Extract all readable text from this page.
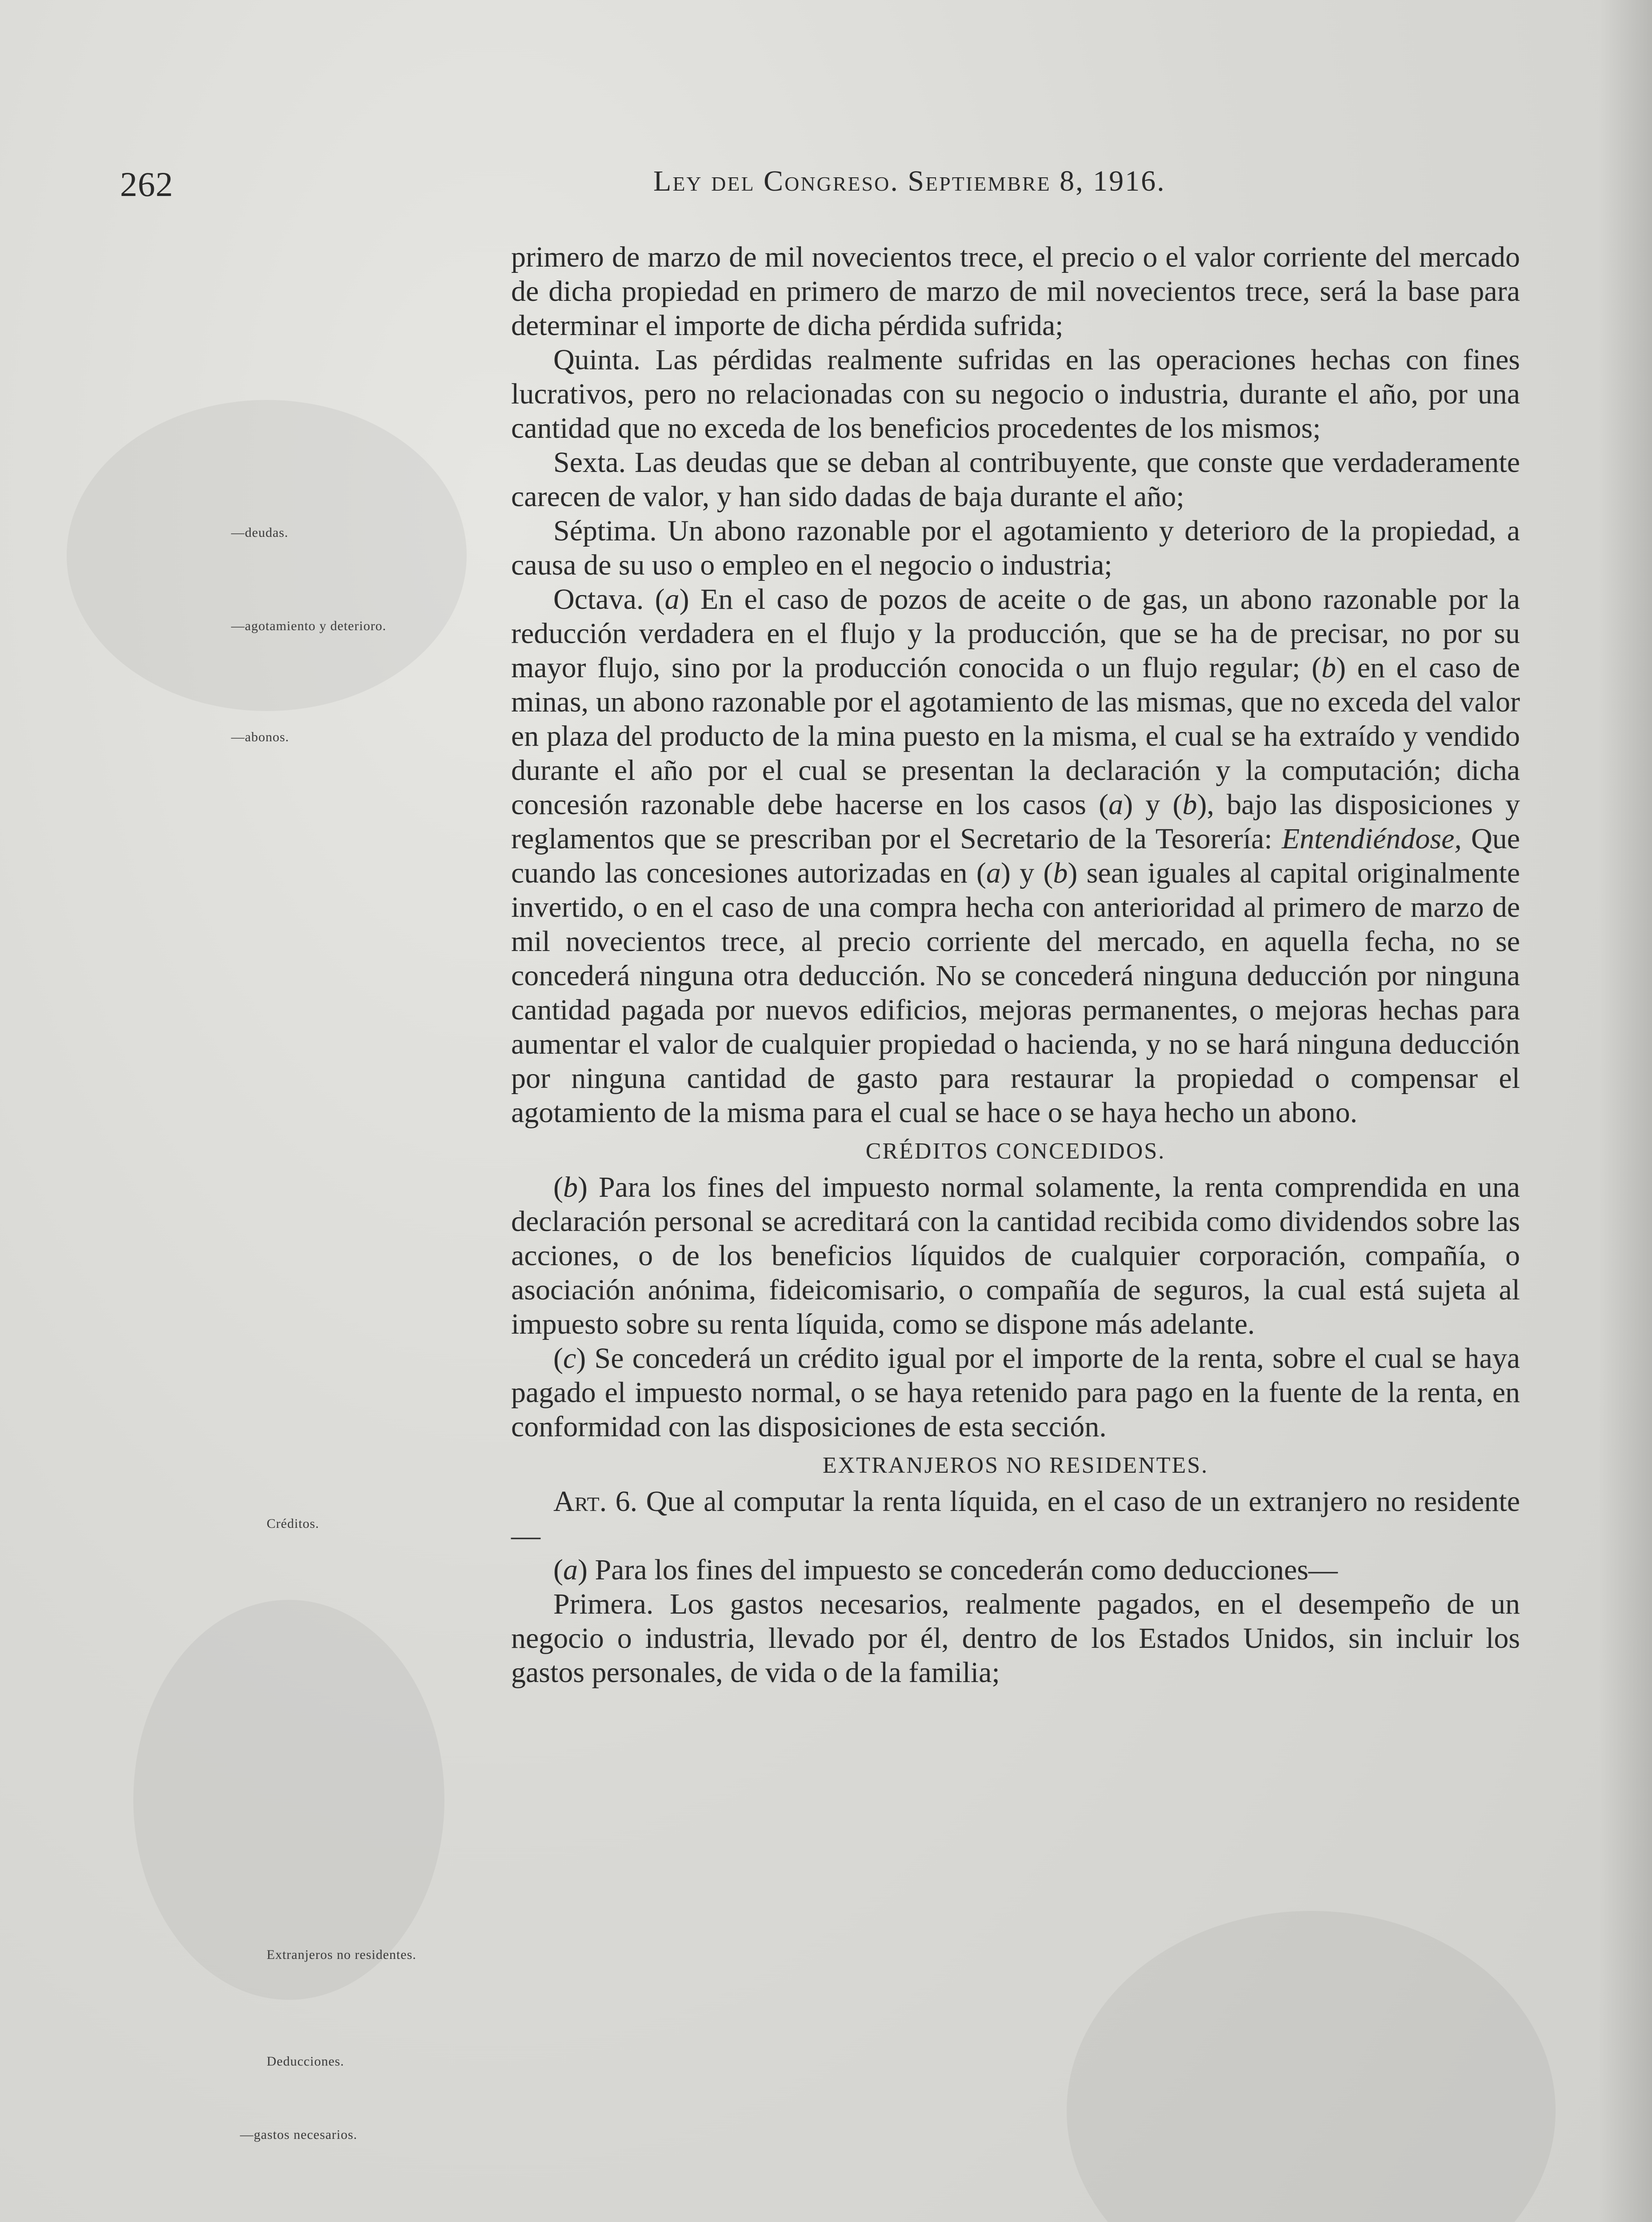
262	Ley del Congreso. Septiembre 8, 1916.
—deudas.
—agotamiento y deterioro.
—abonos.
Créditos.
Extranjeros no residentes.
Deducciones.
—gastos necesarios.

primero de marzo de mil novecientos trece, el precio o el valor corriente del mercado de dicha propiedad en primero de marzo de mil novecientos trece, será la base para determinar el importe de dicha pérdida sufrida;

Quinta. Las pérdidas realmente sufridas en las operaciones hechas con fines lucrativos, pero no relacionadas con su negocio o industria, durante el año, por una cantidad que no exceda de los beneficios procedentes de los mismos;

Sexta. Las deudas que se deban al contribuyente, que conste que verdaderamente carecen de valor, y han sido dadas de baja durante el año;

Séptima. Un abono razonable por el agotamiento y deterioro de la propiedad, a causa de su uso o empleo en el negocio o industria;

Octava. (a) En el caso de pozos de aceite o de gas, un abono razonable por la reducción verdadera en el flujo y la producción, que se ha de precisar, no por su mayor flujo, sino por la producción conocida o un flujo regular; (b) en el caso de minas, un abono razonable por el agotamiento de las mismas, que no exceda del valor en plaza del producto de la mina puesto en la misma, el cual se ha extraído y vendido durante el año por el cual se presentan la declaración y la computación; dicha concesión razonable debe hacerse en los casos (a) y (b), bajo las disposiciones y reglamentos que se prescriban por el Secretario de la Tesorería: Entendiéndose, Que cuando las concesiones autorizadas en (a) y (b) sean iguales al capital originalmente invertido, o en el caso de una compra hecha con anterioridad al primero de marzo de mil novecientos trece, al precio corriente del mercado, en aquella fecha, no se concederá ninguna otra deducción. No se concederá ninguna deducción por ninguna cantidad pagada por nuevos edificios, mejoras permanentes, o mejoras hechas para aumentar el valor de cualquier propiedad o hacienda, y no se hará ninguna deducción por ninguna cantidad de gasto para restaurar la propiedad o compensar el agotamiento de la misma para el cual se hace o se haya hecho un abono.

CRÉDITOS CONCEDIDOS.

(b) Para los fines del impuesto normal solamente, la renta comprendida en una declaración personal se acreditará con la cantidad recibida como dividendos sobre las acciones, o de los beneficios líquidos de cualquier corporación, compañía, o asociación anónima, fideicomisario, o compañía de seguros, la cual está sujeta al impuesto sobre su renta líquida, como se dispone más adelante.

(c) Se concederá un crédito igual por el importe de la renta, sobre el cual se haya pagado el impuesto normal, o se haya retenido para pago en la fuente de la renta, en conformidad con las disposiciones de esta sección.

EXTRANJEROS NO RESIDENTES.

Art. 6. Que al computar la renta líquida, en el caso de un extranjero no residente—

(a) Para los fines del impuesto se concederán como deducciones—

Primera. Los gastos necesarios, realmente pagados, en el desempeño de un negocio o industria, llevado por él, dentro de los Estados Unidos, sin incluir los gastos personales, de vida o de la familia;
